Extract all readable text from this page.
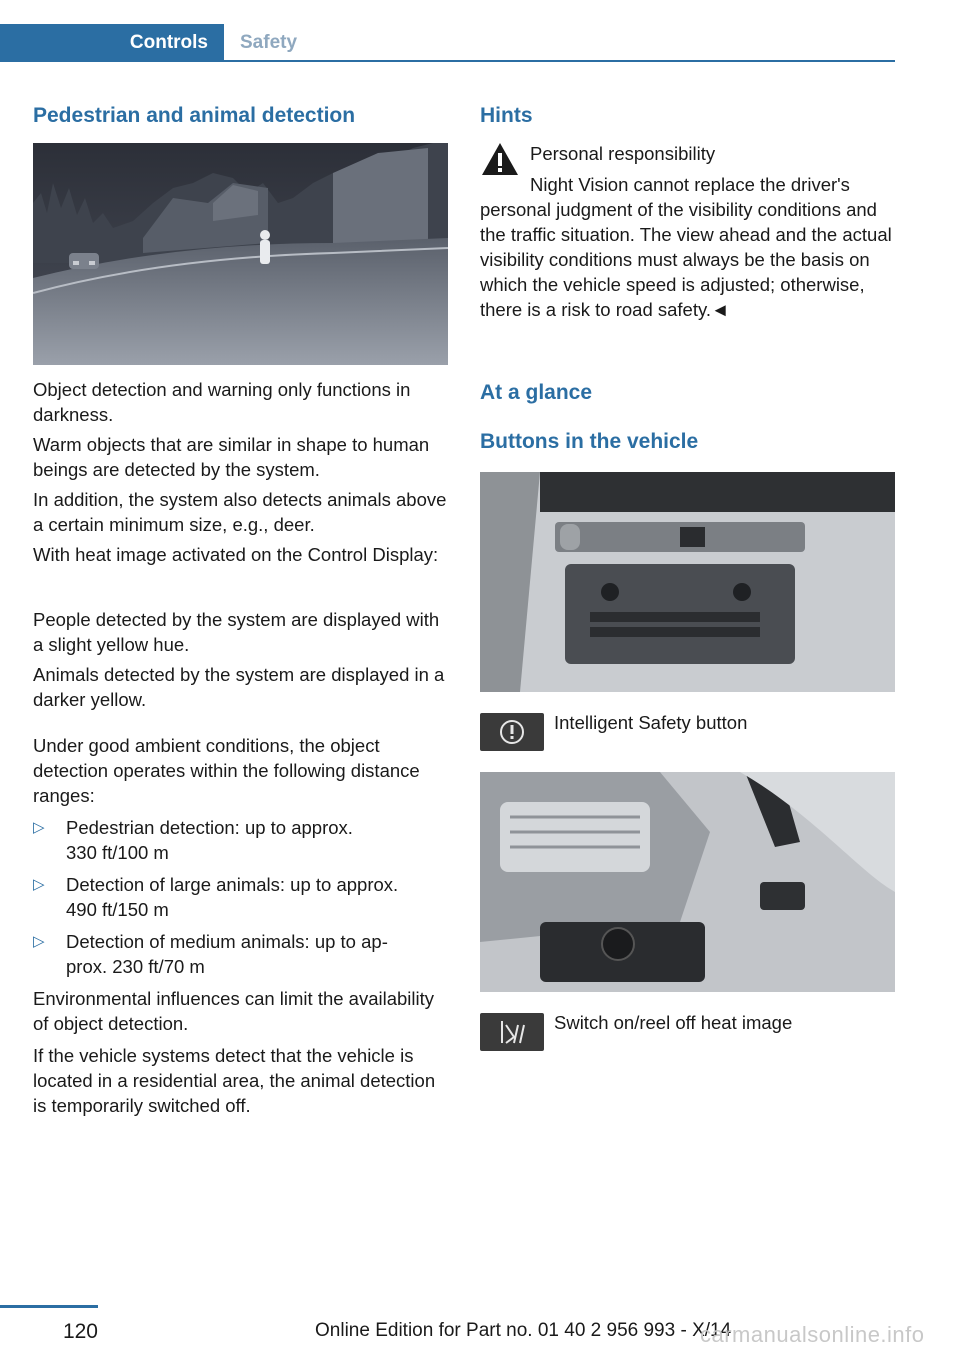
Controls	Safety
Pedestrian and animal detection
Object detection and warning only functions in darkness.
Warm objects that are similar in shape to human beings are detected by the system.
In addition, the system also detects animals above a certain minimum size, e.g., deer.
With heat image activated on the Control Display:
People detected by the system are displayed with a slight yellow hue.
Animals detected by the system are displayed in a darker yellow.
Under good ambient conditions, the object detection operates within the following distance ranges:
▷ Pedestrian detection: up to approx.
330 ft/100 m
▷ Detection of large animals: up to approx.
490 ft/150 m
▷ Detection of medium animals: up to ap-
prox. 230 ft/70 m
Environmental influences can limit the availability of object detection.
If the vehicle systems detect that the vehicle is located in a residential area, the animal detection is temporarily switched off.
Hints
Personal responsibility
Night Vision cannot replace the driver's personal judgment of the visibility conditions and the traffic situation. The view ahead and the actual visibility conditions must always be the basis on which the vehicle speed is adjusted; otherwise, there is a risk to road safety.◄
At a glance
Buttons in the vehicle
Intelligent Safety button
Switch on/reel off heat image
120	Online Edition for Part no. 01 40 2 956 993 - X/14
carmanualsonline.info
